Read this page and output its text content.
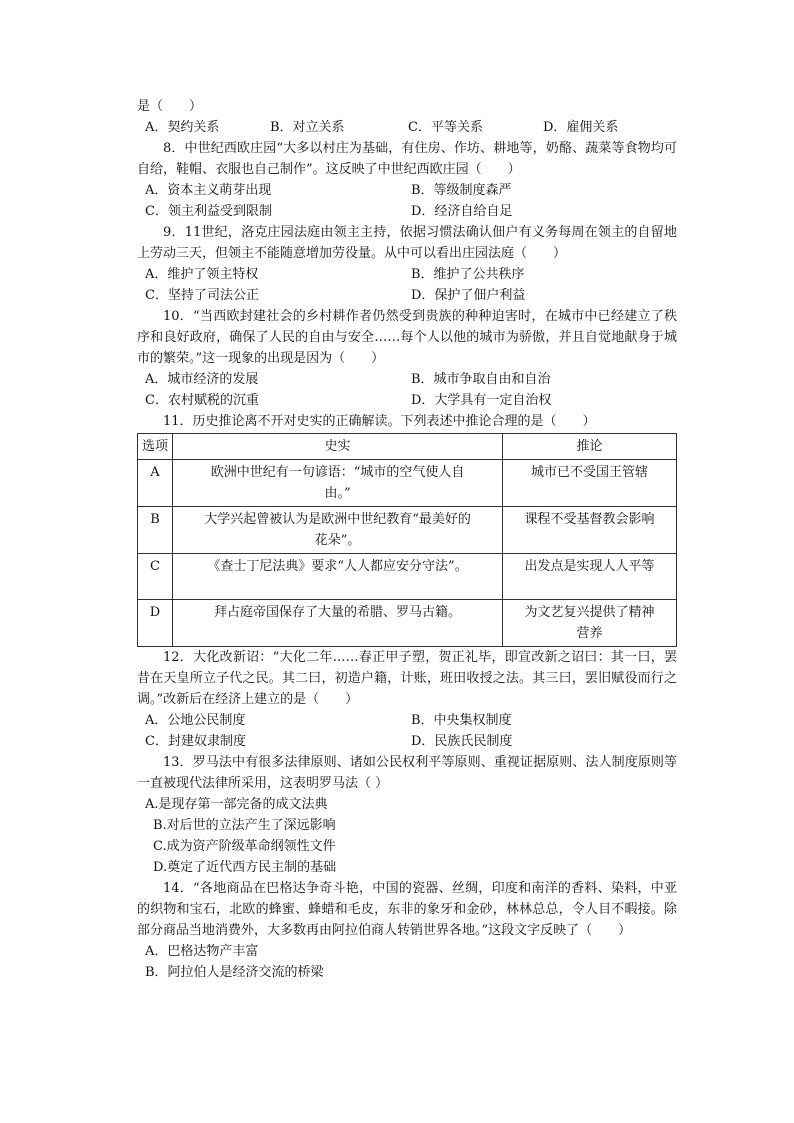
是（　　）
A．契约关系	B．对立关系	C．平等关系	D．雇佣关系
8．中世纪西欧庄园“大多以村庄为基础，有住房、作坊、耕地等，奶酪、蔬菜等食物均可自给，鞋帽、衣服也自己制作”。这反映了中世纪西欧庄园（　　）
A．资本主义萌芽出现	B．等级制度森严
C．领主利益受到限制	D．经济自给自足
9．11世纪，洛克庄园法庭由领主主持，依据习惯法确认佃户有义务每周在领主的自留地上劳动三天，但领主不能随意增加劳役量。从中可以看出庄园法庭（　　）
A．维护了领主特权	B．维护了公共秩序
C．坚持了司法公正	D．保护了佃户利益
10．“当西欧封建社会的乡村耕作者仍然受到贵族的种种迫害时，在城市中已经建立了秩序和良好政府，确保了人民的自由与安全……每个人以他的城市为骄傲，并且自觉地献身于城市的繁荣。”这一现象的出现是因为（　　）
A．城市经济的发展	B．城市争取自由和自治
C．农村赋税的沉重	D．大学具有一定自治权
11．历史推论离不开对史实的正确解读。下列表述中推论合理的是（　　）
选项	史实	推论
A	欧洲中世纪有一句谚语：“城市的空气使人自由。”	城市已不受国王管辖
B	大学兴起曾被认为是欧洲中世纪教育“最美好的花朵”。	课程不受基督教会影响
C	《查士丁尼法典》要求“人人都应安分守法”。	出发点是实现人人平等
D	拜占庭帝国保存了大量的希腊、罗马古籍。	为文艺复兴提供了精神营养
12．大化改新诏：“大化二年……春正甲子塑，贺正礼毕，即宣改新之诏曰：其一曰，罢昔在天皇所立子代之民。其二曰，初造户籍，计账，班田收授之法。其三曰，罢旧赋役而行之调。”改新后在经济上建立的是（　　）
A．公地公民制度	B．中央集权制度
C．封建奴隶制度	D．民族氏民制度
13．罗马法中有很多法律原则、诸如公民权利平等原则、重视证据原则、法人制度原则等一直被现代法律所采用，这表明罗马法（ ）
A.是现存第一部完备的成文法典
B.对后世的立法产生了深远影响
C.成为资产阶级革命纲领性文件
D.奠定了近代西方民主制的基础
14．“各地商品在巴格达争奇斗艳，中国的瓷器、丝绸，印度和南洋的香料、染料，中亚的织物和宝石，北欧的蜂蜜、蜂蜡和毛皮，东非的象牙和金砂，林林总总，令人目不暇接。除部分商品当地消费外，大多数再由阿拉伯商人转销世界各地。”这段文字反映了（　　）
A．巴格达物产丰富
B．阿拉伯人是经济交流的桥梁
